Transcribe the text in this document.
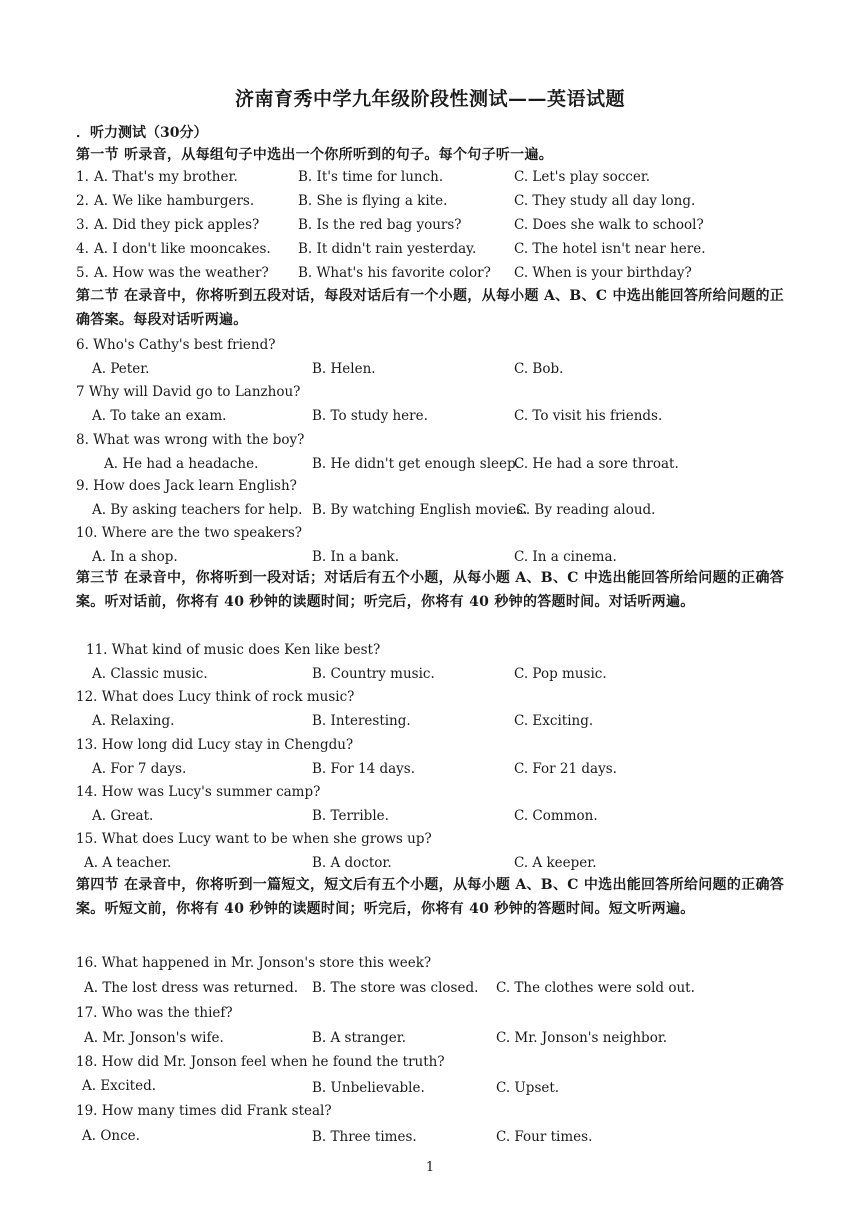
济南育秀中学九年级阶段性测试——英语试题
．听力测试（30分）
第一节 听录音，从每组句子中选出一个你所听到的句子。每个句子听一遍。
1. A. That's my brother.	B. It's time for lunch.	C. Let's play soccer.
2. A. We like hamburgers.	B. She is flying a kite.	C. They study all day long.
3. A. Did they pick apples?	B. Is the red bag yours?	C. Does she walk to school?
4. A. I don't like mooncakes. B. It didn't rain yesterday.	C. The hotel isn't near here.
5. A. How was the weather? B. What's his favorite color? C. When is your birthday?
第二节 在录音中，你将听到五段对话，每段对话后有一个小题，从每小题 A、B、C 中选出能回答所给问题的正确答案。每段对话听两遍。
6. Who's Cathy's best friend?
A. Peter.	B. Helen.	C. Bob.
7 Why will David go to Lanzhou?
A. To take an exam.	B. To study here.	C. To visit his friends.
8. What was wrong with the boy?
A. He had a headache.	B. He didn't get enough sleep.
C. He had a sore throat.
9. How does Jack learn English?
A. By asking teachers for help. B. By watching English movies.
C. By reading aloud.
10. Where are the two speakers?
A. In a shop.	B. In a bank.	C. In a cinema.
第三节 在录音中，你将听到一段对话；对话后有五个小题，从每小题 A、B、C 中选出能回答所给问题的正确答案。听对话前，你将有 40 秒钟的读题时间；听完后，你将有 40 秒钟的答题时间。对话听两遍。
11. What kind of music does Ken like best?
A. Classic music.	B. Country music.	C. Pop music.
12. What does Lucy think of rock music?
A. Relaxing.	B. Interesting.	C. Exciting.
13. How long did Lucy stay in Chengdu?
A. For 7 days.	B. For 14 days.	C. For 21 days.
14. How was Lucy's summer camp?
A. Great.	B. Terrible.	C. Common.
15. What does Lucy want to be when she grows up?
A. A teacher.	B. A doctor.	C. A keeper.
第四节 在录音中，你将听到一篇短文，短文后有五个小题，从每小题 A、B、C 中选出能回答所给问题的正确答案。听短文前，你将有 40 秒钟的读题时间；听完后，你将有 40 秒钟的答题时间。短文听两遍。
16. What happened in Mr. Jonson's store this week?
A. The lost dress was returned. B. The store was closed. C. The clothes were sold out.
17. Who was the thief?
A. Mr. Jonson's wife.	B. A stranger.	C. Mr. Jonson's neighbor.
18. How did Mr. Jonson feel when he found the truth?
A. Excited.	B. Unbelievable.	C. Upset.
19. How many times did Frank steal?
A. Once.	B. Three times.	C. Four times.
1
